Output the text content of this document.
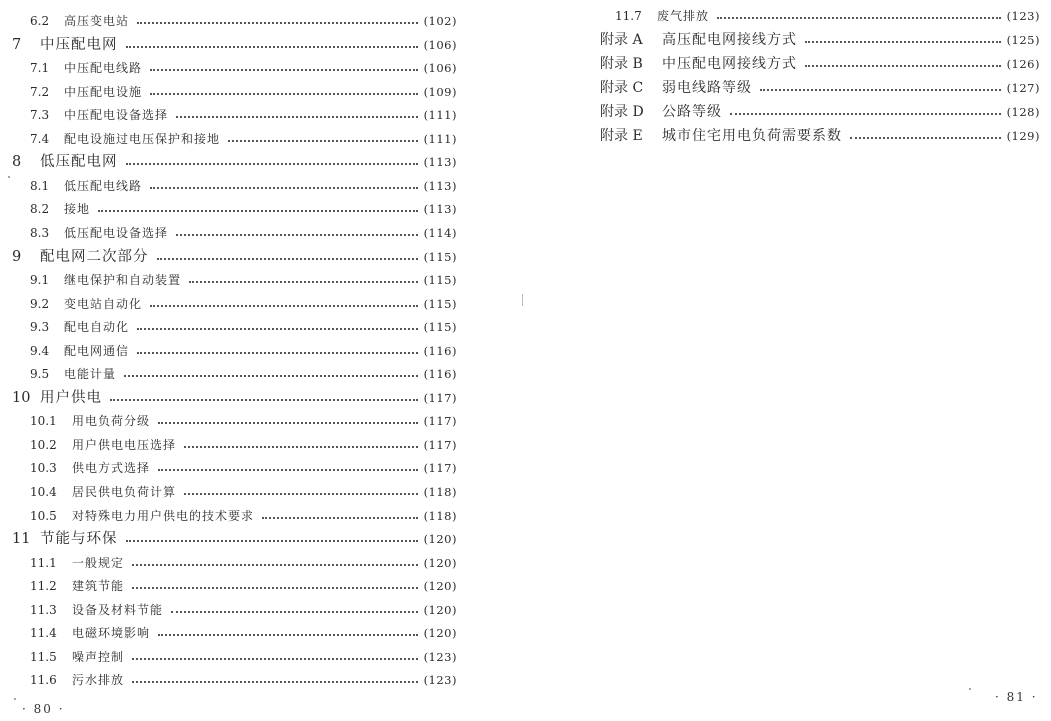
6.2	高压变电站	(102)
7	中压配电网	(106)
7.1	中压配电线路	(106)
7.2	中压配电设施	(109)
7.3	中压配电设备选择	(111)
7.4	配电设施过电压保护和接地	(111)
8	低压配电网	(113)
8.1	低压配电线路	(113)
8.2	接地	(113)
8.3	低压配电设备选择	(114)
9	配电网二次部分	(115)
9.1	继电保护和自动装置	(115)
9.2	变电站自动化	(115)
9.3	配电自动化	(115)
9.4	配电网通信	(116)
9.5	电能计量	(116)
10 用户供电	(117)
10.1	用电负荷分级	(117)
10.2	用户供电电压选择	(117)
10.3	供电方式选择	(117)
10.4	居民供电负荷计算	(118)
10.5	对特殊电力用户供电的技术要求	(118)
11 节能与环保	(120)
11.1	一般规定	(120)
11.2	建筑节能	(120)
11.3	设备及材料节能	(120)
11.4	电磁环境影响	(120)
11.5	噪声控制	(123)
11.6	污水排放	(123)
· 80 ·
11.7	废气排放	(123)
附录 A	高压配电网接线方式	(125)
附录 B	中压配电网接线方式	(126)
附录 C	弱电线路等级	(127)
附录 D	公路等级	(128)
附录 E	城市住宅用电负荷需要系数	(129)
· 81 ·
